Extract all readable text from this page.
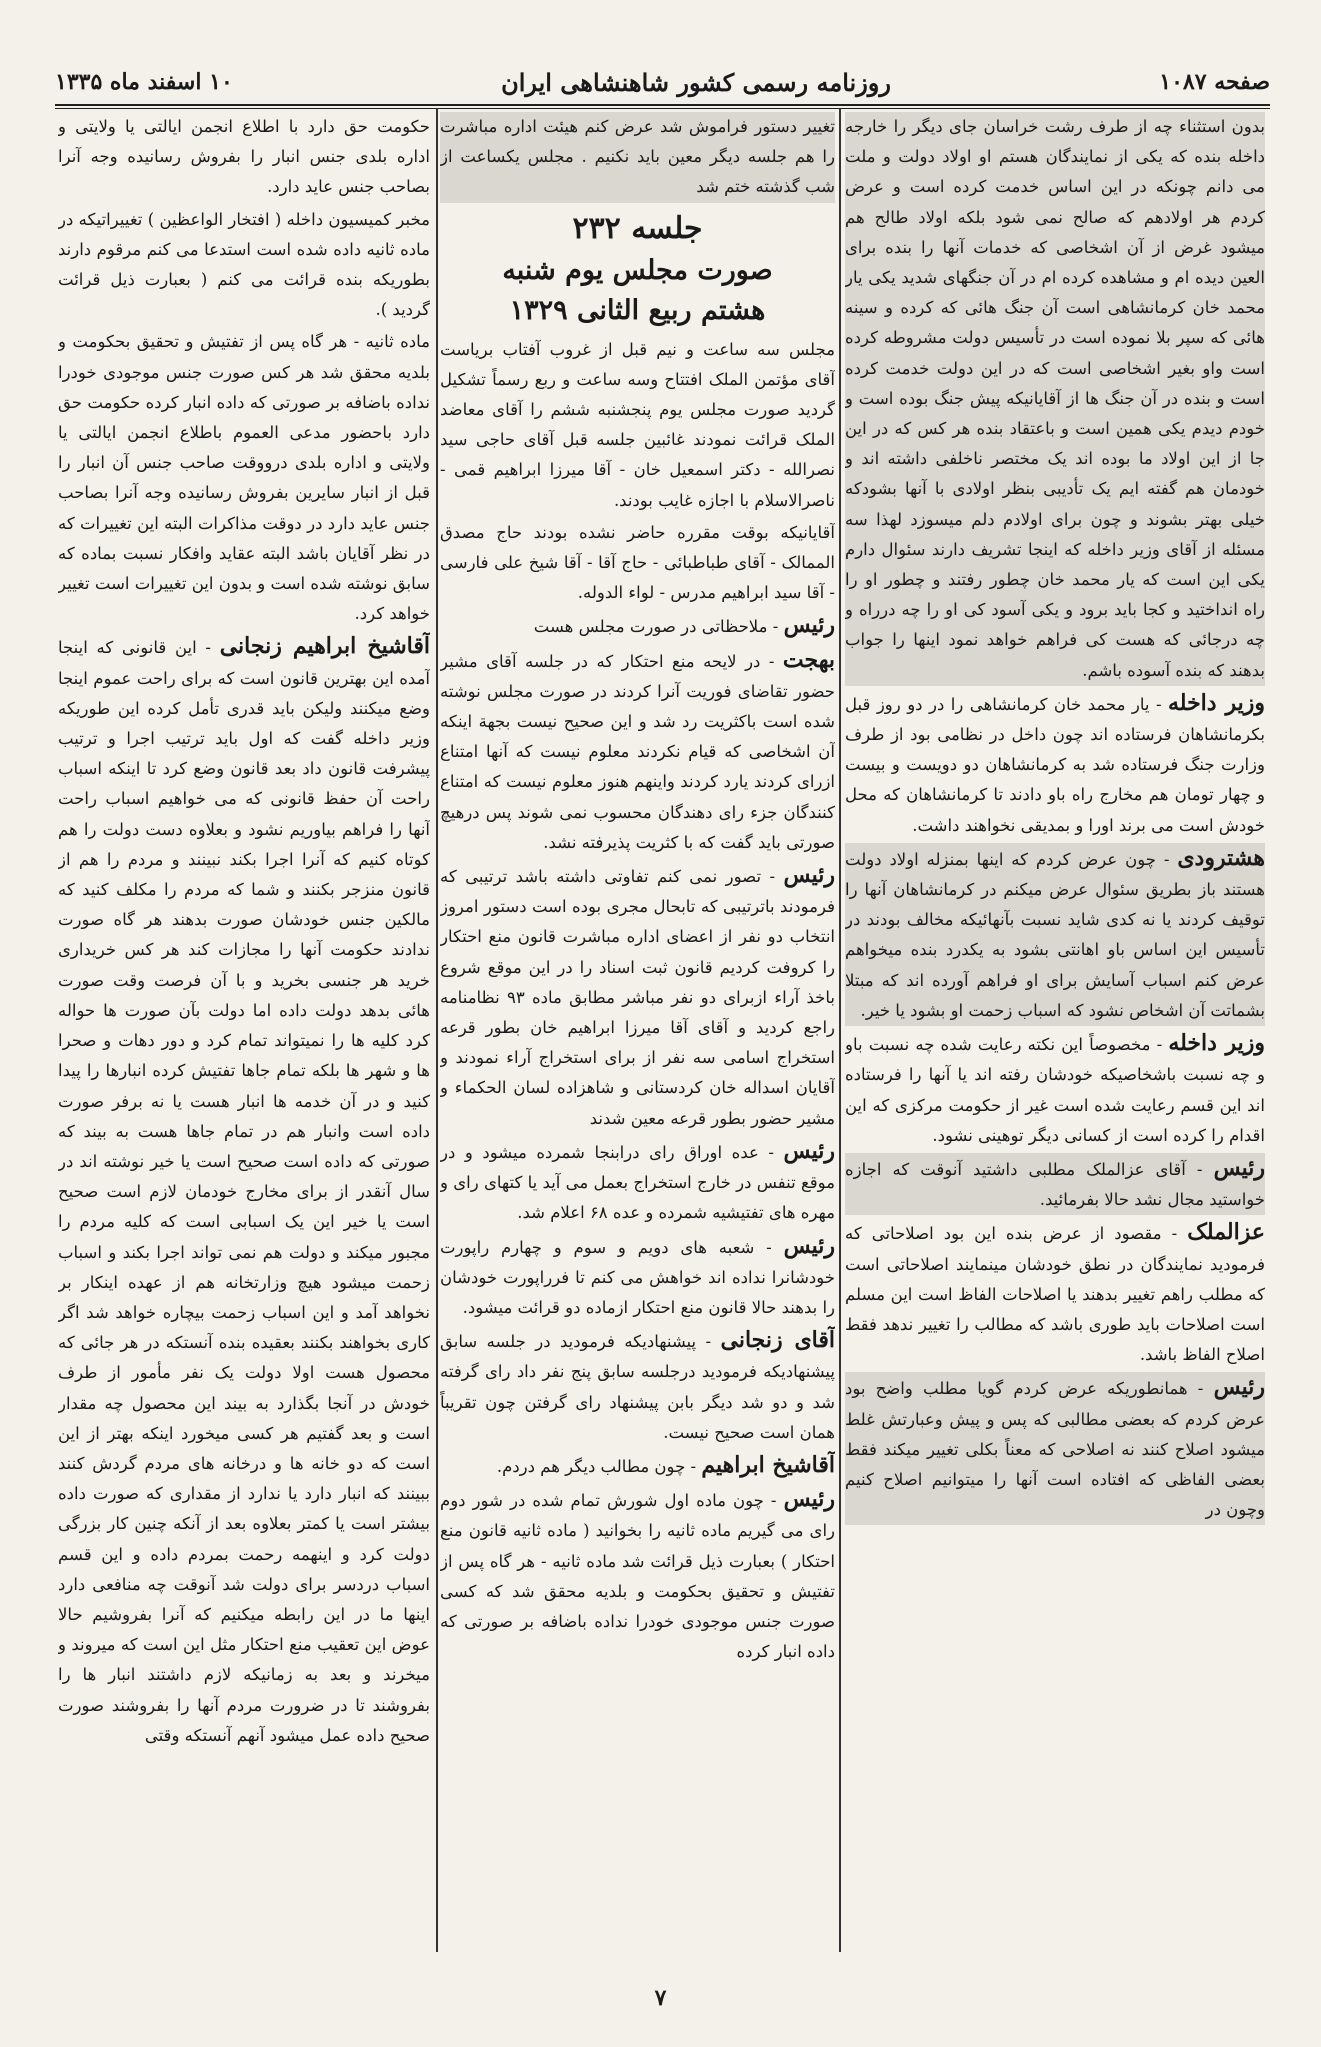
صفحه ۱۰۸۷
روزنامه رسمی کشور شاهنشاهی ایران
۱۰ اسفند ماه ۱۳۳۵

بدون استثناء چه از طرف رشت خراسان جای دیگر را خارجه داخله بنده که یکی از نمایندگان هستم او اولاد دولت و ملت می دانم چونکه در این اساس خدمت کرده است و عرض کردم هر اولادهم که صالح نمی شود بلکه اولاد طالح هم میشود غرض از آن اشخاصی که خدمات آنها را بنده برای العین دیده ام و مشاهده کرده ام در آن جنگهای شدید یکی یار محمد خان کرمانشاهی است آن جنگ هائی که کرده و سینه هائی که سپر بلا نموده است در تأسیس دولت مشروطه کرده است واو بغیر اشخاصی است که در این دولت خدمت کرده است و بنده در آن جنگ ها از آقایانیکه پیش جنگ بوده است و خودم دیدم یکی همین است و باعتقاد بنده هر کس که در این جا از این اولاد ما بوده اند یک مختصر ناخلفی داشته اند و خودمان هم گفته ایم یک تأدیبی بنظر اولادی با آنها بشودکه خیلی بهتر بشوند و چون برای اولادم دلم میسوزد لهذا سه مسئله از آقای وزیر داخله که اینجا تشریف دارند سئوال دارم یکی این است که یار محمد خان چطور رفتند و چطور او را راه انداختید و کجا باید برود و یکی آسود کی او را چه درراه و چه درجائی که هست کی فراهم خواهد نمود اینها را جواب بدهند که بنده آسوده باشم.

وزیر داخله - یار محمد خان کرمانشاهی را در دو روز قبل بکرمانشاهان فرستاده اند چون داخل در نظامی بود از طرف وزارت جنگ فرستاده شد به کرمانشاهان دو دویست و بیست و چهار تومان هم مخارج راه باو دادند تا کرمانشاهان که محل خودش است می برند اورا و بمدیقی نخواهند داشت.

هشترودی - چون عرض کردم که اینها بمنزله اولاد دولت هستند باز بطریق سئوال عرض میکنم در کرمانشاهان آنها را توقیف کردند یا نه کدی شاید نسبت بآنهائیکه مخالف بودند در تأسیس این اساس باو اهانتی بشود به یکدرد بنده میخواهم عرض کنم اسباب آسایش برای او فراهم آورده اند که مبتلا بشماتت آن اشخاص نشود که اسباب زحمت او بشود یا خیر.

وزیر داخله - مخصوصاً این نکته رعایت شده چه نسبت باو و چه نسبت باشخاصیکه خودشان رفته اند یا آنها را فرستاده اند این قسم رعایت شده است غیر از حکومت مرکزی که این اقدام را کرده است از کسانی دیگر توهینی نشود.

رئیس - آقای عزالملک مطلبی داشتید آنوقت که اجازه خواستید مجال نشد حالا بفرمائید.

عزالملک - مقصود از عرض بنده این بود اصلاحاتی که فرمودید نمایندگان در نطق خودشان مینمایند اصلاحاتی است که مطلب راهم تغییر بدهند یا اصلاحات الفاظ است این مسلم است اصلاحات باید طوری باشد که مطالب را تغییر ندهد فقط اصلاح الفاظ باشد.

رئیس - همانطوریکه عرض کردم گویا مطلب واضح بود عرض کردم که بعضی مطالبی که پس و پیش وعبارتش غلط میشود اصلاح کنند نه اصلاحی که معناً بکلی تغییر میکند فقط بعضی الفاظی که افتاده است آنها را میتوانیم اصلاح کنیم وچون در

تغییر دستور فراموش شد عرض کنم هیئت اداره مباشرت را هم جلسه دیگر معین باید نکنیم . مجلس یکساعت از شب گذشته ختم شد

جلسه ۲۳۲
صورت مجلس یوم شنبه
هشتم ربیع الثانی ۱۳۲۹

مجلس سه ساعت و نیم قبل از غروب آفتاب بریاست آقای مؤتمن الملک افتتاح وسه ساعت و ربع رسماً تشکیل گردید صورت مجلس یوم پنجشنبه ششم را آقای معاضد الملک قرائت نمودند غائبین جلسه قبل آقای حاجی سید نصرالله - دکتر اسمعیل خان - آقا میرزا ابراهیم قمی - ناصرالاسلام با اجازه غایب بودند.

آقایانیکه بوقت مقرره حاضر نشده بودند حاج مصدق الممالک - آقای طباطبائی - حاج آقا - آقا شیخ علی فارسی - آقا سید ابراهیم مدرس - لواء الدوله.

رئیس - ملاحظاتی در صورت مجلس هست

بهجت - در لایحه منع احتکار که در جلسه آقای مشیر حضور تقاضای فوریت آنرا کردند در صورت مجلس نوشته شده است باکثریت رد شد و این صحیح نیست بجهة اینکه آن اشخاصی که قیام نکردند معلوم نیست که آنها امتناع ازرای کردند یارد کردند واینهم هنوز معلوم نیست که امتناع کنندگان جزء رای دهندگان محسوب نمی شوند پس درهیچ صورتی باید گفت که با کثریت پذیرفته نشد.

رئیس - تصور نمی کنم تفاوتی داشته باشد ترتیبی که فرمودند باترتیبی که تابحال مجری بوده است دستور امروز انتخاب دو نفر از اعضای اداره مباشرت قانون منع احتکار را کروفت کردیم قانون ثبت اسناد را در این موقع شروع باخذ آراء ازبرای دو نفر مباشر مطابق ماده ۹۳ نظامنامه راجع کردید و آقای آقا میرزا ابراهیم خان بطور قرعه استخراج اسامی سه نفر از برای استخراج آراء نمودند و آقایان اسداله خان کردستانی و شاهزاده لسان الحکماء و مشیر حضور بطور قرعه معین شدند

رئیس - عده اوراق رای درابنجا شمرده میشود و در موقع تنفس در خارج استخراج بعمل می آید یا کتهای رای و مهره های تفتیشیه شمرده و عده ۶۸ اعلام شد.

رئیس - شعبه های دویم و سوم و چهارم راپورت خودشانرا نداده اند خواهش می کنم تا فرراپورت خودشان را بدهند حالا قانون منع احتکار ازماده دو قرائت میشود.

آقای زنجانی - پیشنهادیکه فرمودید در جلسه سابق پیشنهادیکه فرمودید درجلسه سابق پنج نفر داد رای گرفته شد و دو شد دیگر بابن پیشنهاد رای گرفتن چون تقریباً همان است صحیح نیست.

آقاشیخ ابراهیم - چون مطالب دیگر هم دردم.

رئیس - چون ماده اول شورش تمام شده در شور دوم رای می گیریم ماده ثانیه را بخوانید ( ماده ثانیه قانون منع احتکار ) بعبارت ذیل قرائت شد ماده ثانیه - هر گاه پس از تفتیش و تحقیق بحکومت و بلدیه محقق شد که کسی صورت جنس موجودی خودرا نداده باضافه بر صورتی که داده انبار کرده

حکومت حق دارد با اطلاع انجمن ایالتی یا ولایتی و اداره بلدی جنس انبار را بفروش رسانیده وجه آنرا بصاحب جنس عاید دارد.

مخبر کمیسیون داخله ( افتخار الواعظین ) تغییراتیکه در ماده ثانیه داده شده است استدعا می کنم مرقوم دارند بطوریکه بنده قرائت می کنم ( بعبارت ذیل قرائت گردید ).

ماده ثانیه - هر گاه پس از تفتیش و تحقیق بحکومت و بلدیه محقق شد هر کس صورت جنس موجودی خودرا نداده باضافه بر صورتی که داده انبار کرده حکومت حق دارد باحضور مدعی العموم باطلاع انجمن ایالتی یا ولایتی و اداره بلدی درووقت صاحب جنس آن انبار را قبل از انبار سایرین بفروش رسانیده وجه آنرا بصاحب جنس عاید دارد در دوقت مذاکرات البته این تغییرات که در نظر آقایان باشد البته عقاید وافکار نسبت بماده که سابق نوشته شده است و بدون این تغییرات است تغییر خواهد کرد.

آقاشیخ ابراهیم زنجانی - این قانونی که اینجا آمده این بهترین قانون است که برای راحت عموم اینجا وضع میکنند ولیکن باید قدری تأمل کرده این طوریکه وزیر داخله گفت که اول باید ترتیب اجرا و ترتیب پیشرفت قانون داد بعد قانون وضع کرد تا اینکه اسباب راحت آن حفظ قانونی که می خواهیم اسباب راحت آنها را فراهم بیاوریم نشود و بعلاوه دست دولت را هم کوتاه کنیم که آنرا اجرا بکند نبینند و مردم را هم از قانون منزجر بکنند و شما که مردم را مکلف کنید که مالکین جنس خودشان صورت بدهند هر گاه صورت ندادند حکومت آنها را مجازات کند هر کس خریداری خرید هر جنسی بخرید و با آن فرصت وقت صورت هائی بدهد دولت داده اما دولت بآن صورت ها حواله کرد کلیه ها را نمیتواند تمام کرد و دور دهات و صحرا ها و شهر ها بلکه تمام جاها تفتیش کرده انبارها را پیدا کنید و در آن خدمه ها انبار هست یا نه برفر صورت داده است وانبار هم در تمام جاها هست به بیند که صورتی که داده است صحیح است یا خیر نوشته اند در سال آنقدر از برای مخارج خودمان لازم است صحیح است یا خیر این یک اسبابی است که کلیه مردم را مجبور میکند و دولت هم نمی تواند اجرا بکند و اسباب زحمت میشود هیچ وزارتخانه هم از عهده اینکار بر نخواهد آمد و این اسباب زحمت بیچاره خواهد شد اگر کاری بخواهند بکنند بعقیده بنده آنستکه در هر جائی که محصول هست اولا دولت یک نفر مأمور از طرف خودش در آنجا بگذارد به بیند این محصول چه مقدار است و بعد گفتیم هر کسی میخورد اینکه بهتر از این است که دو خانه ها و درخانه های مردم گردش کنند ببینند که انبار دارد یا ندارد از مقداری که صورت داده بیشتر است یا کمتر بعلاوه بعد از آنکه چنین کار بزرگی دولت کرد و اینهمه رحمت بمردم داده و این قسم اسباب دردسر برای دولت شد آنوقت چه منافعی دارد اینها ما در این رابطه میکنیم که آنرا بفروشیم حالا عوض این تعقیب منع احتکار مثل این است که میروند و میخرند و بعد به زمانیکه لازم داشتند انبار ها را بفروشند تا در ضرورت مردم آنها را بفروشند صورت صحیح داده عمل میشود آنهم آنستکه وقتی

۷
